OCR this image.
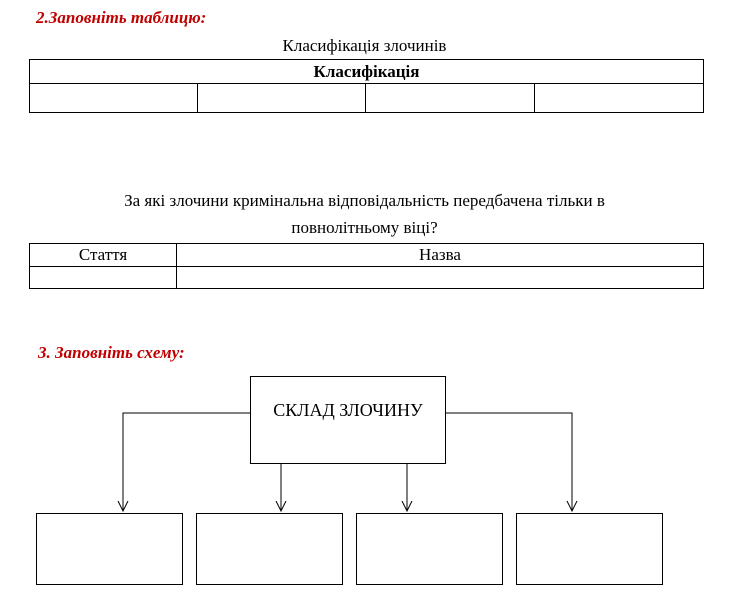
2.Заповніть таблицю:
Класифікація злочинів
Класифікація

За які злочини кримінальна відповідальність передбачена тільки в
повнолітньому віці?
Стаття	Назва

3. Заповніть схему:
СКЛАД ЗЛОЧИНУ
